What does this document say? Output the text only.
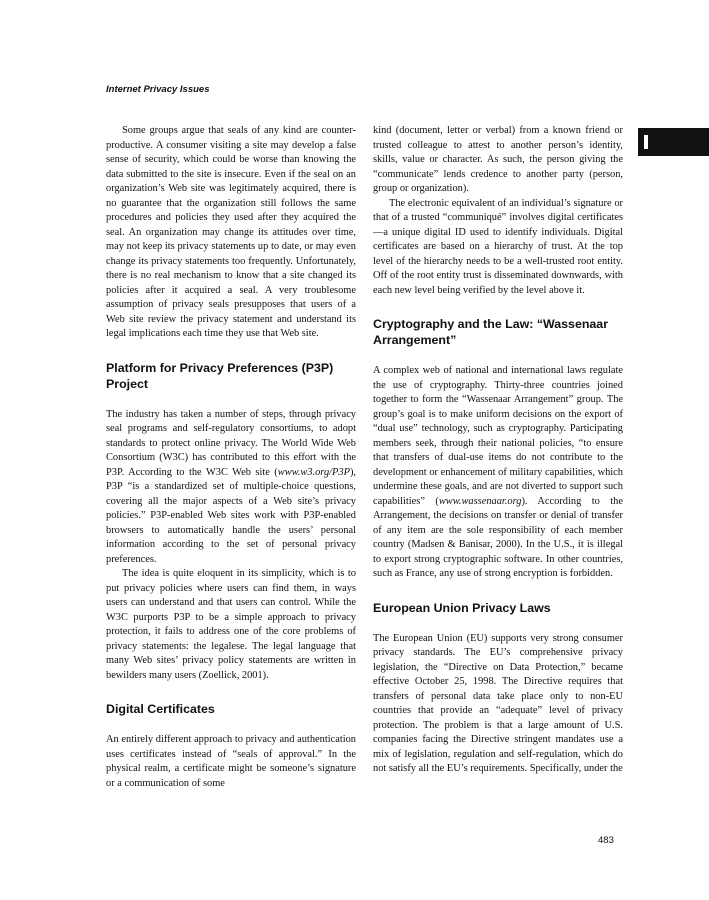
Internet Privacy Issues

Some groups argue that seals of any kind are counter-productive. A consumer visiting a site may develop a false sense of security, which could be worse than knowing the data submitted to the site is insecure. Even if the seal on an organization’s Web site was legitimately acquired, there is no guarantee that the organization still follows the same procedures and policies they used after they acquired the seal. An organization may change its attitudes over time, may not keep its privacy statements up to date, or may even change its privacy statements too frequently. Unfortunately, there is no real mechanism to know that a site changed its policies after it acquired a seal. A very troublesome assumption of privacy seals presupposes that users of a Web site review the privacy statement and understand its legal implications each time they use that Web site.

Platform for Privacy Preferences (P3P) Project

The industry has taken a number of steps, through privacy seal programs and self-regulatory consortiums, to adopt standards to protect online privacy. The World Wide Web Consortium (W3C) has contributed to this effort with the P3P. According to the W3C Web site (www.w3.org/P3P), P3P “is a standardized set of multiple-choice questions, covering all the major aspects of a Web site’s privacy policies.” P3P-enabled Web sites work with P3P-enabled browsers to automatically handle the users’ personal information according to the set of personal privacy preferences.

The idea is quite eloquent in its simplicity, which is to put privacy policies where users can find them, in ways users can understand and that users can control. While the W3C purports P3P to be a simple approach to privacy protection, it fails to address one of the core problems of privacy statements: the legalese. The legal language that many Web sites’ privacy policy statements are written in bewilders many users (Zoellick, 2001).

Digital Certificates

An entirely different approach to privacy and authentication uses certificates instead of “seals of approval.” In the physical realm, a certificate might be someone’s signature or a communication of some

kind (document, letter or verbal) from a known friend or trusted colleague to attest to another person’s identity, skills, value or character. As such, the person giving the “communicate” lends credence to another party (person, group or organization).

The electronic equivalent of an individual’s signature or that of a trusted “communiqué” involves digital certificates—a unique digital ID used to identify individuals. Digital certificates are based on a hierarchy of trust. At the top level of the hierarchy needs to be a well-trusted root entity. Off of the root entity trust is disseminated downwards, with each new level being verified by the level above it.

Cryptography and the Law: “Wassenaar Arrangement”

A complex web of national and international laws regulate the use of cryptography. Thirty-three countries joined together to form the “Wassenaar Arrangement” group. The group’s goal is to make uniform decisions on the export of “dual use” technology, such as cryptography. Participating members seek, through their national policies, “to ensure that transfers of dual-use items do not contribute to the development or enhancement of military capabilities, which undermine these goals, and are not diverted to support such capabilities” (www.wassenaar.org). According to the Arrangement, the decisions on transfer or denial of transfer of any item are the sole responsibility of each member country (Madsen & Banisar, 2000). In the U.S., it is illegal to export strong cryptographic software. In other countries, such as France, any use of strong encryption is forbidden.

European Union Privacy Laws

The European Union (EU) supports very strong consumer privacy standards. The EU’s comprehensive privacy legislation, the “Directive on Data Protection,” became effective October 25, 1998. The Directive requires that transfers of personal data take place only to non-EU countries that provide an “adequate” level of privacy protection. The problem is that a large amount of U.S. companies facing the Directive stringent mandates use a mix of legislation, regulation and self-regulation, which do not satisfy all the EU’s requirements. Specifically, under the

483
